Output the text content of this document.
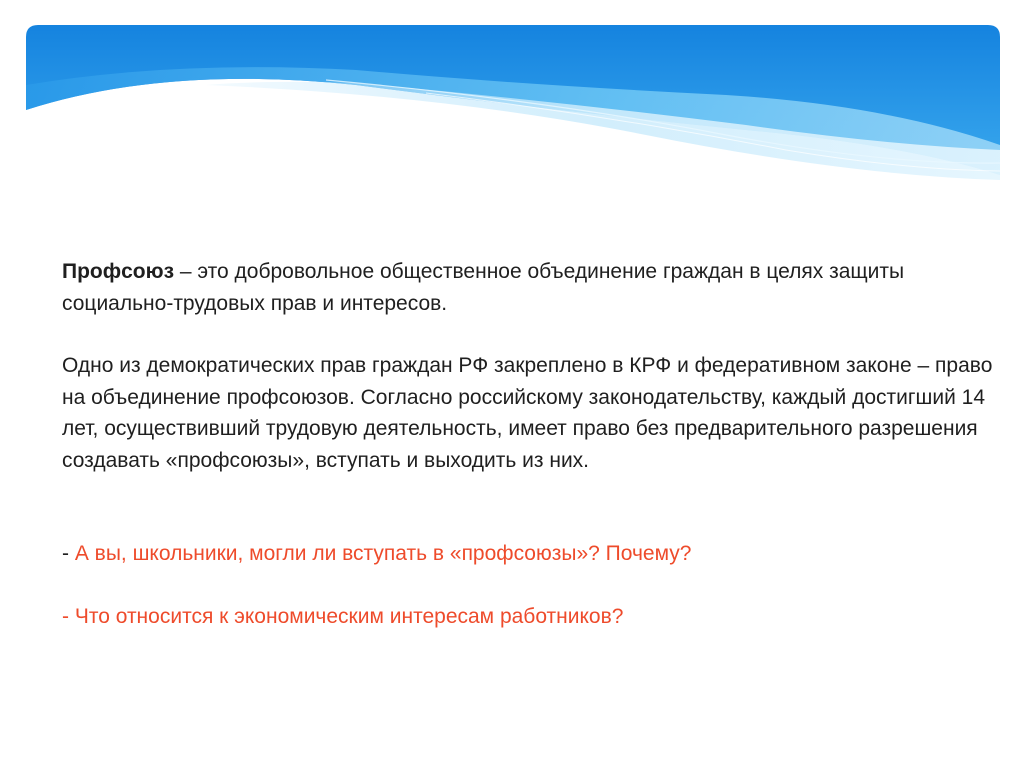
Профсоюз – это добровольное общественное объединение граждан в целях защиты социально-трудовых прав и интересов.

Одно из демократических прав граждан РФ закреплено в КРФ и федеративном законе – право на объединение профсоюзов. Согласно российскому законодательству, каждый достигший 14 лет, осуществивший трудовую деятельность, имеет право без предварительного разрешения создавать «профсоюзы», вступать и выходить из них.

- А вы, школьники, могли ли вступать в «профсоюзы»? Почему?

- Что относится к экономическим интересам работников?
